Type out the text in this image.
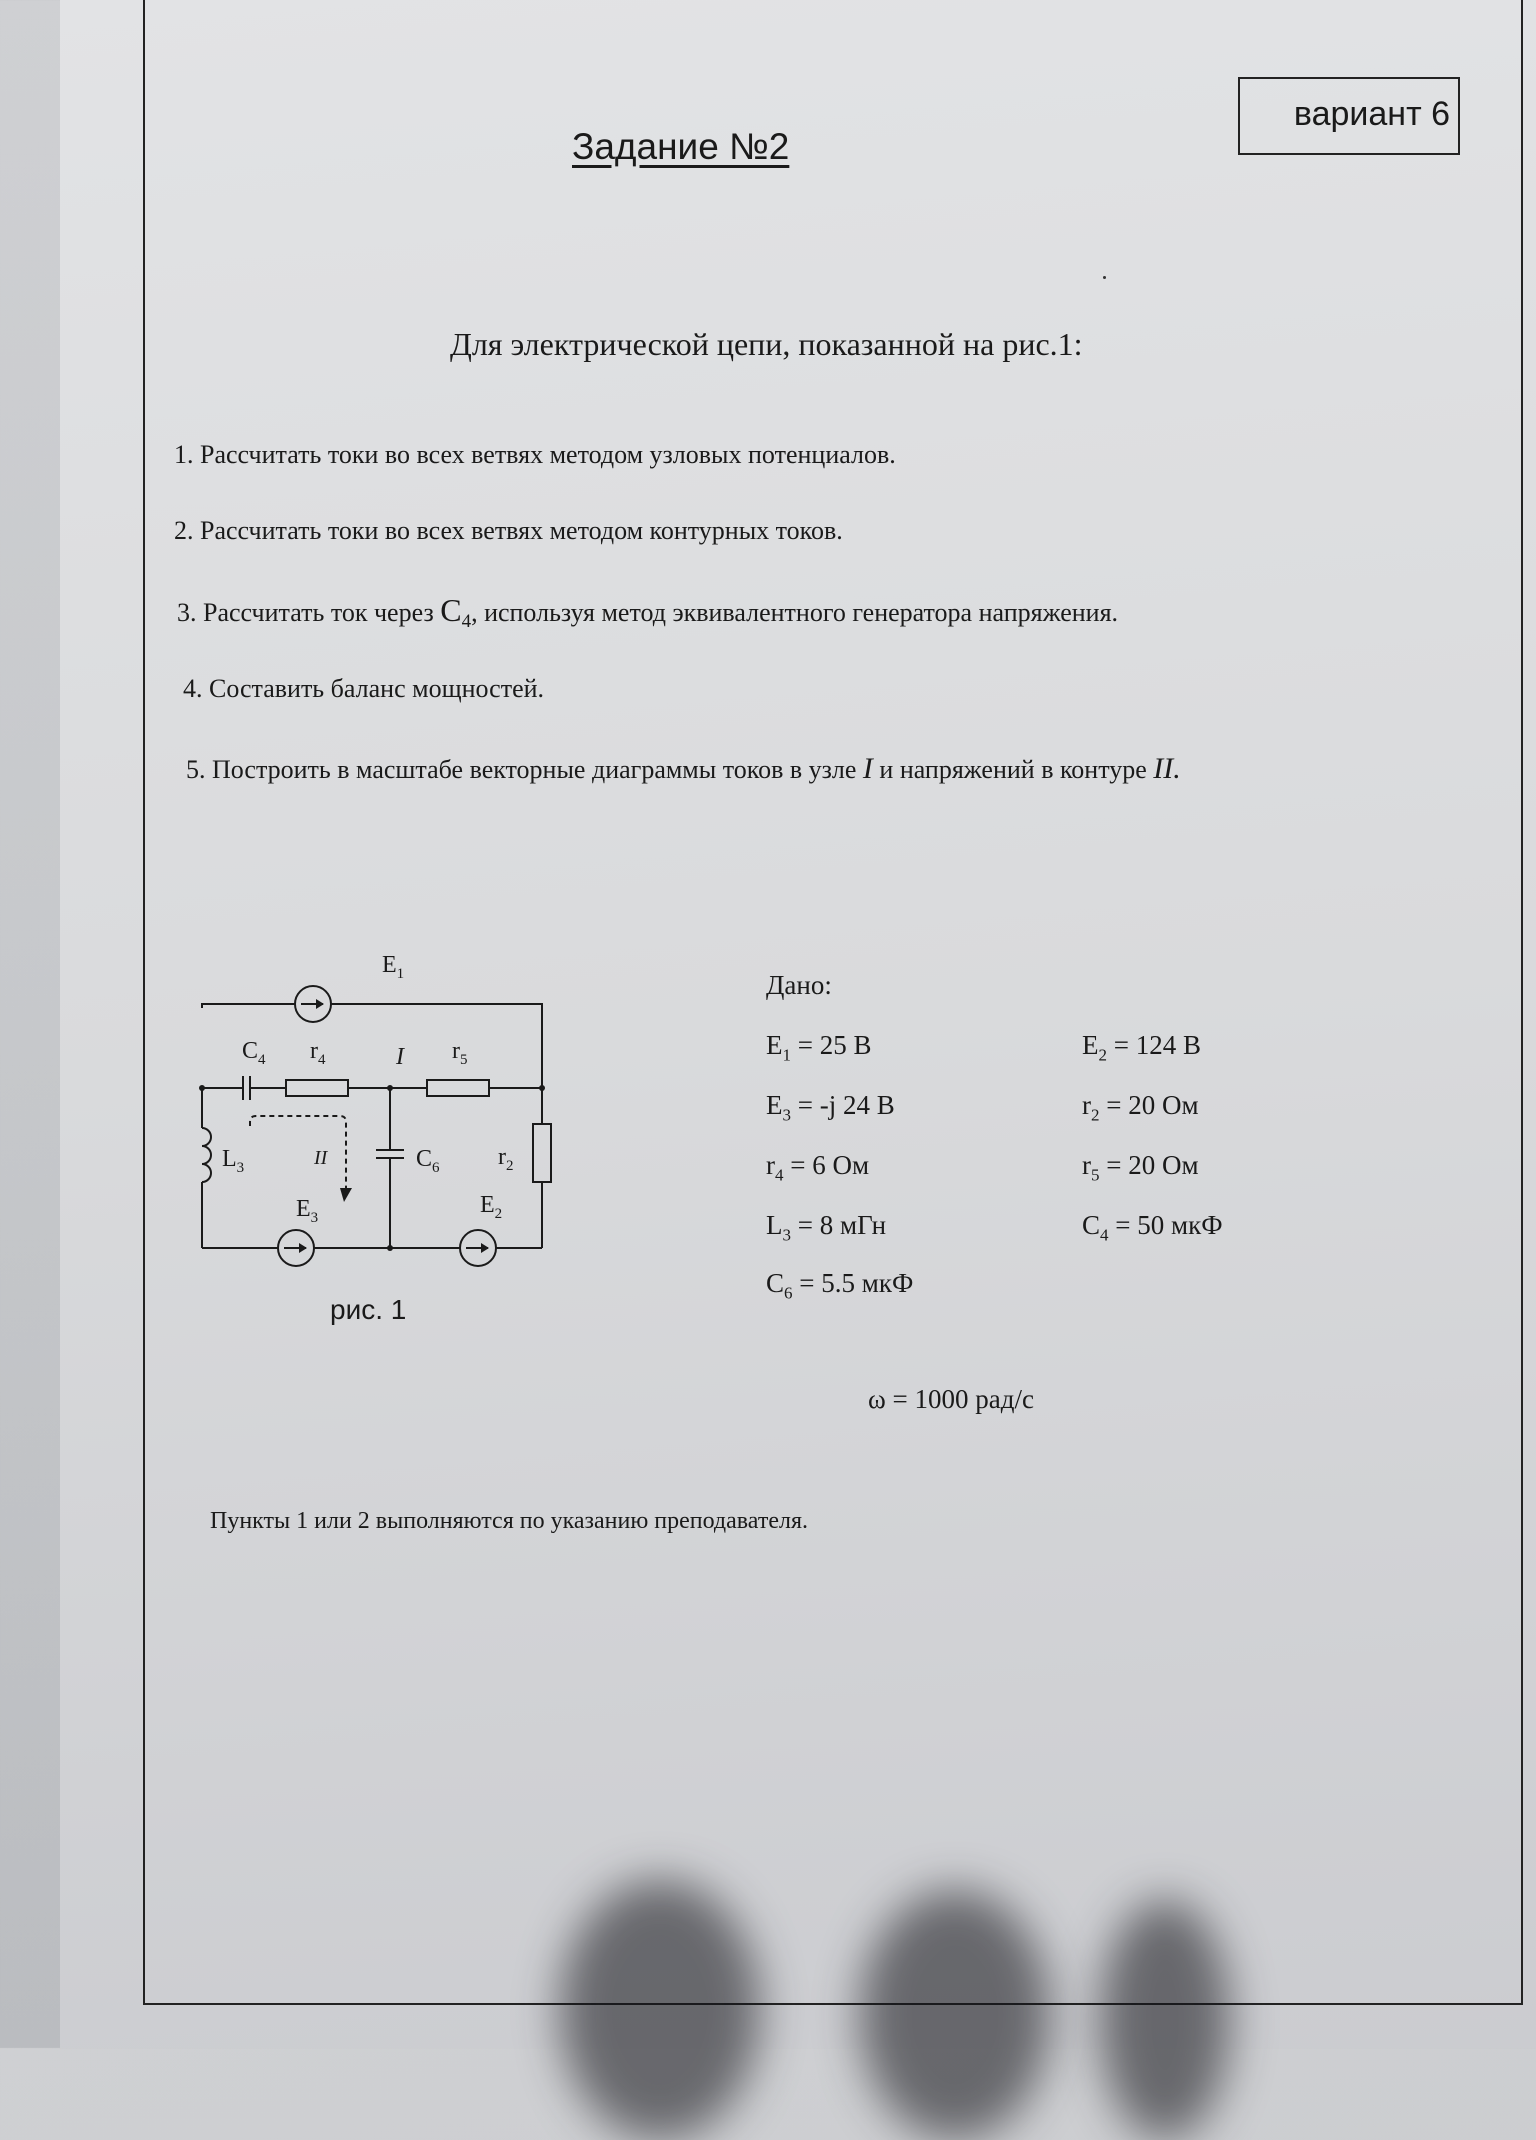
вариант 6
Задание №2
Для электрической цепи, показанной на рис.1:
1. Рассчитать токи во всех ветвях методом узловых потенциалов.
2. Рассчитать токи во всех ветвях методом контурных токов.
3. Рассчитать ток через $C_4$, используя метод эквивалентного генератора напряжения.
4. Составить баланс мощностей.
5. Построить в масштабе векторные диаграммы токов в узле I и напряжений в контуре II.
$E_1$
$C_4$ $r_4$	I $r_5$
$L_3$	II	$C_6$ $r_2$
$E_3$	$E_2$
рис. 1
Дано:
$E_1 = 25$ В	$E_2 = 124$ В
$E_3 = -j$ 24 В	$r_2 = 20$ Ом
$r_4 = 6$ Ом	$r_5 = 20$ Ом
$L_3 = 8$ мГн	$C_4 = 50$ мкФ
$C_6 = 5.5$ мкФ
ω = 1000 рад/с
Пункты 1 или 2 выполняются по указанию преподавателя.
